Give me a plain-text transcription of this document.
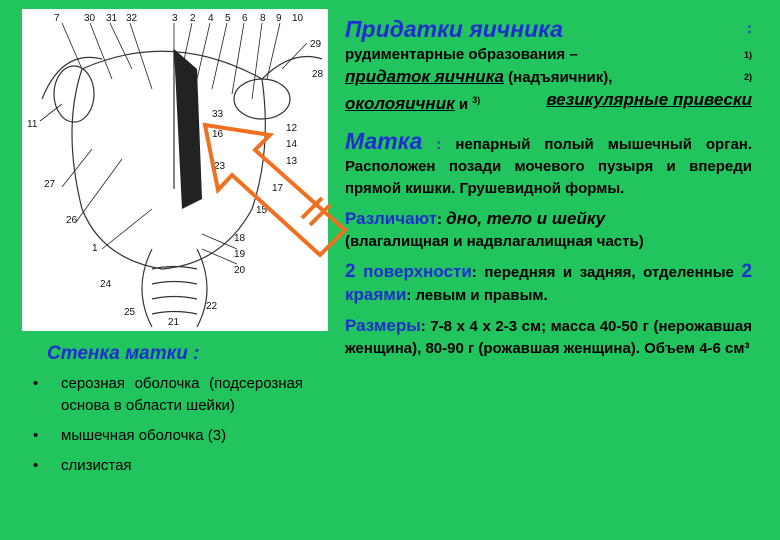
7 30 31 32	3 2 4 5 6 8 9 10
29
28
11
33
16
12
14
13
17
27
23
15
26
1
18
19
20
24
22
25
21
Придатки яичника	:

рудиментарные образования –	1)

придаток яичника (надъяичник),	2)

околояичник и $^{3)}$	везикулярные привески
Матка : непарный полый мышечный орган. Расположен позади мочевого пузыря и впереди прямой кишки. Грушевидной формы.
Различают: дно, тело и шейку
(влагалищная и надвлагалищная часть)
2 поверхности: передняя и задняя, отделенные 2 краями: левым и правым.
Размеры: 7-8 х 4 х 2-3 см; масса 40-50 г (нерожавшая женщина), 80-90 г (рожавшая женщина). Объем 4-6 см³
Стенка матки :
• серозная оболочка (подсерозная основа в области шейки)
• мышечная оболочка (3)
• слизистая
